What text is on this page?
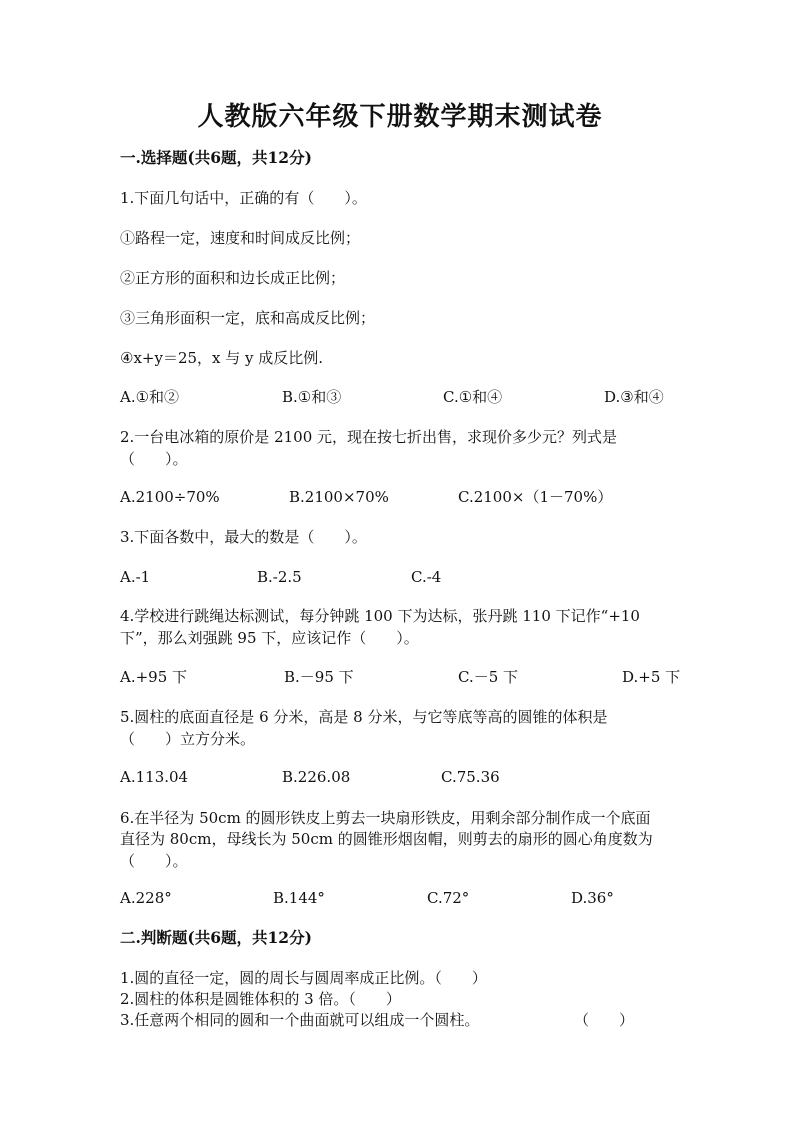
人教版六年级下册数学期末测试卷
一.选择题(共6题，共12分)
1.下面几句话中，正确的有（　　）。
①路程一定，速度和时间成反比例；
②正方形的面积和边长成正比例；
③三角形面积一定，底和高成反比例；
④x+y＝25，x 与 y 成反比例.
A.①和②	B.①和③	C.①和④	D.③和④
2.一台电冰箱的原价是 2100 元，现在按七折出售，求现价多少元？列式是
（　　）。
A.2100÷70%	B.2100×70%	C.2100×（1－70%）
3.下面各数中，最大的数是（　　）。
A.-1	B.-2.5	C.-4
4.学校进行跳绳达标测试，每分钟跳 100 下为达标，张丹跳 110 下记作“+10
下”，那么刘强跳 95 下，应该记作（　　）。
A.+95 下	B.－95 下	C.－5 下	D.+5 下
5.圆柱的底面直径是 6 分米，高是 8 分米，与它等底等高的圆锥的体积是
（　　）立方分米。
A.113.04	B.226.08	C.75.36
6.在半径为 50cm 的圆形铁皮上剪去一块扇形铁皮，用剩余部分制作成一个底面
直径为 80cm，母线长为 50cm 的圆锥形烟囱帽，则剪去的扇形的圆心角度数为
（　　）。
A.228°	B.144°	C.72°	D.36°
二.判断题(共6题，共12分)
1.圆的直径一定，圆的周长与圆周率成正比例。（　　）
2.圆柱的体积是圆锥体积的 3 倍。（　　）
3.任意两个相同的圆和一个曲面就可以组成一个圆柱。	（　　）
